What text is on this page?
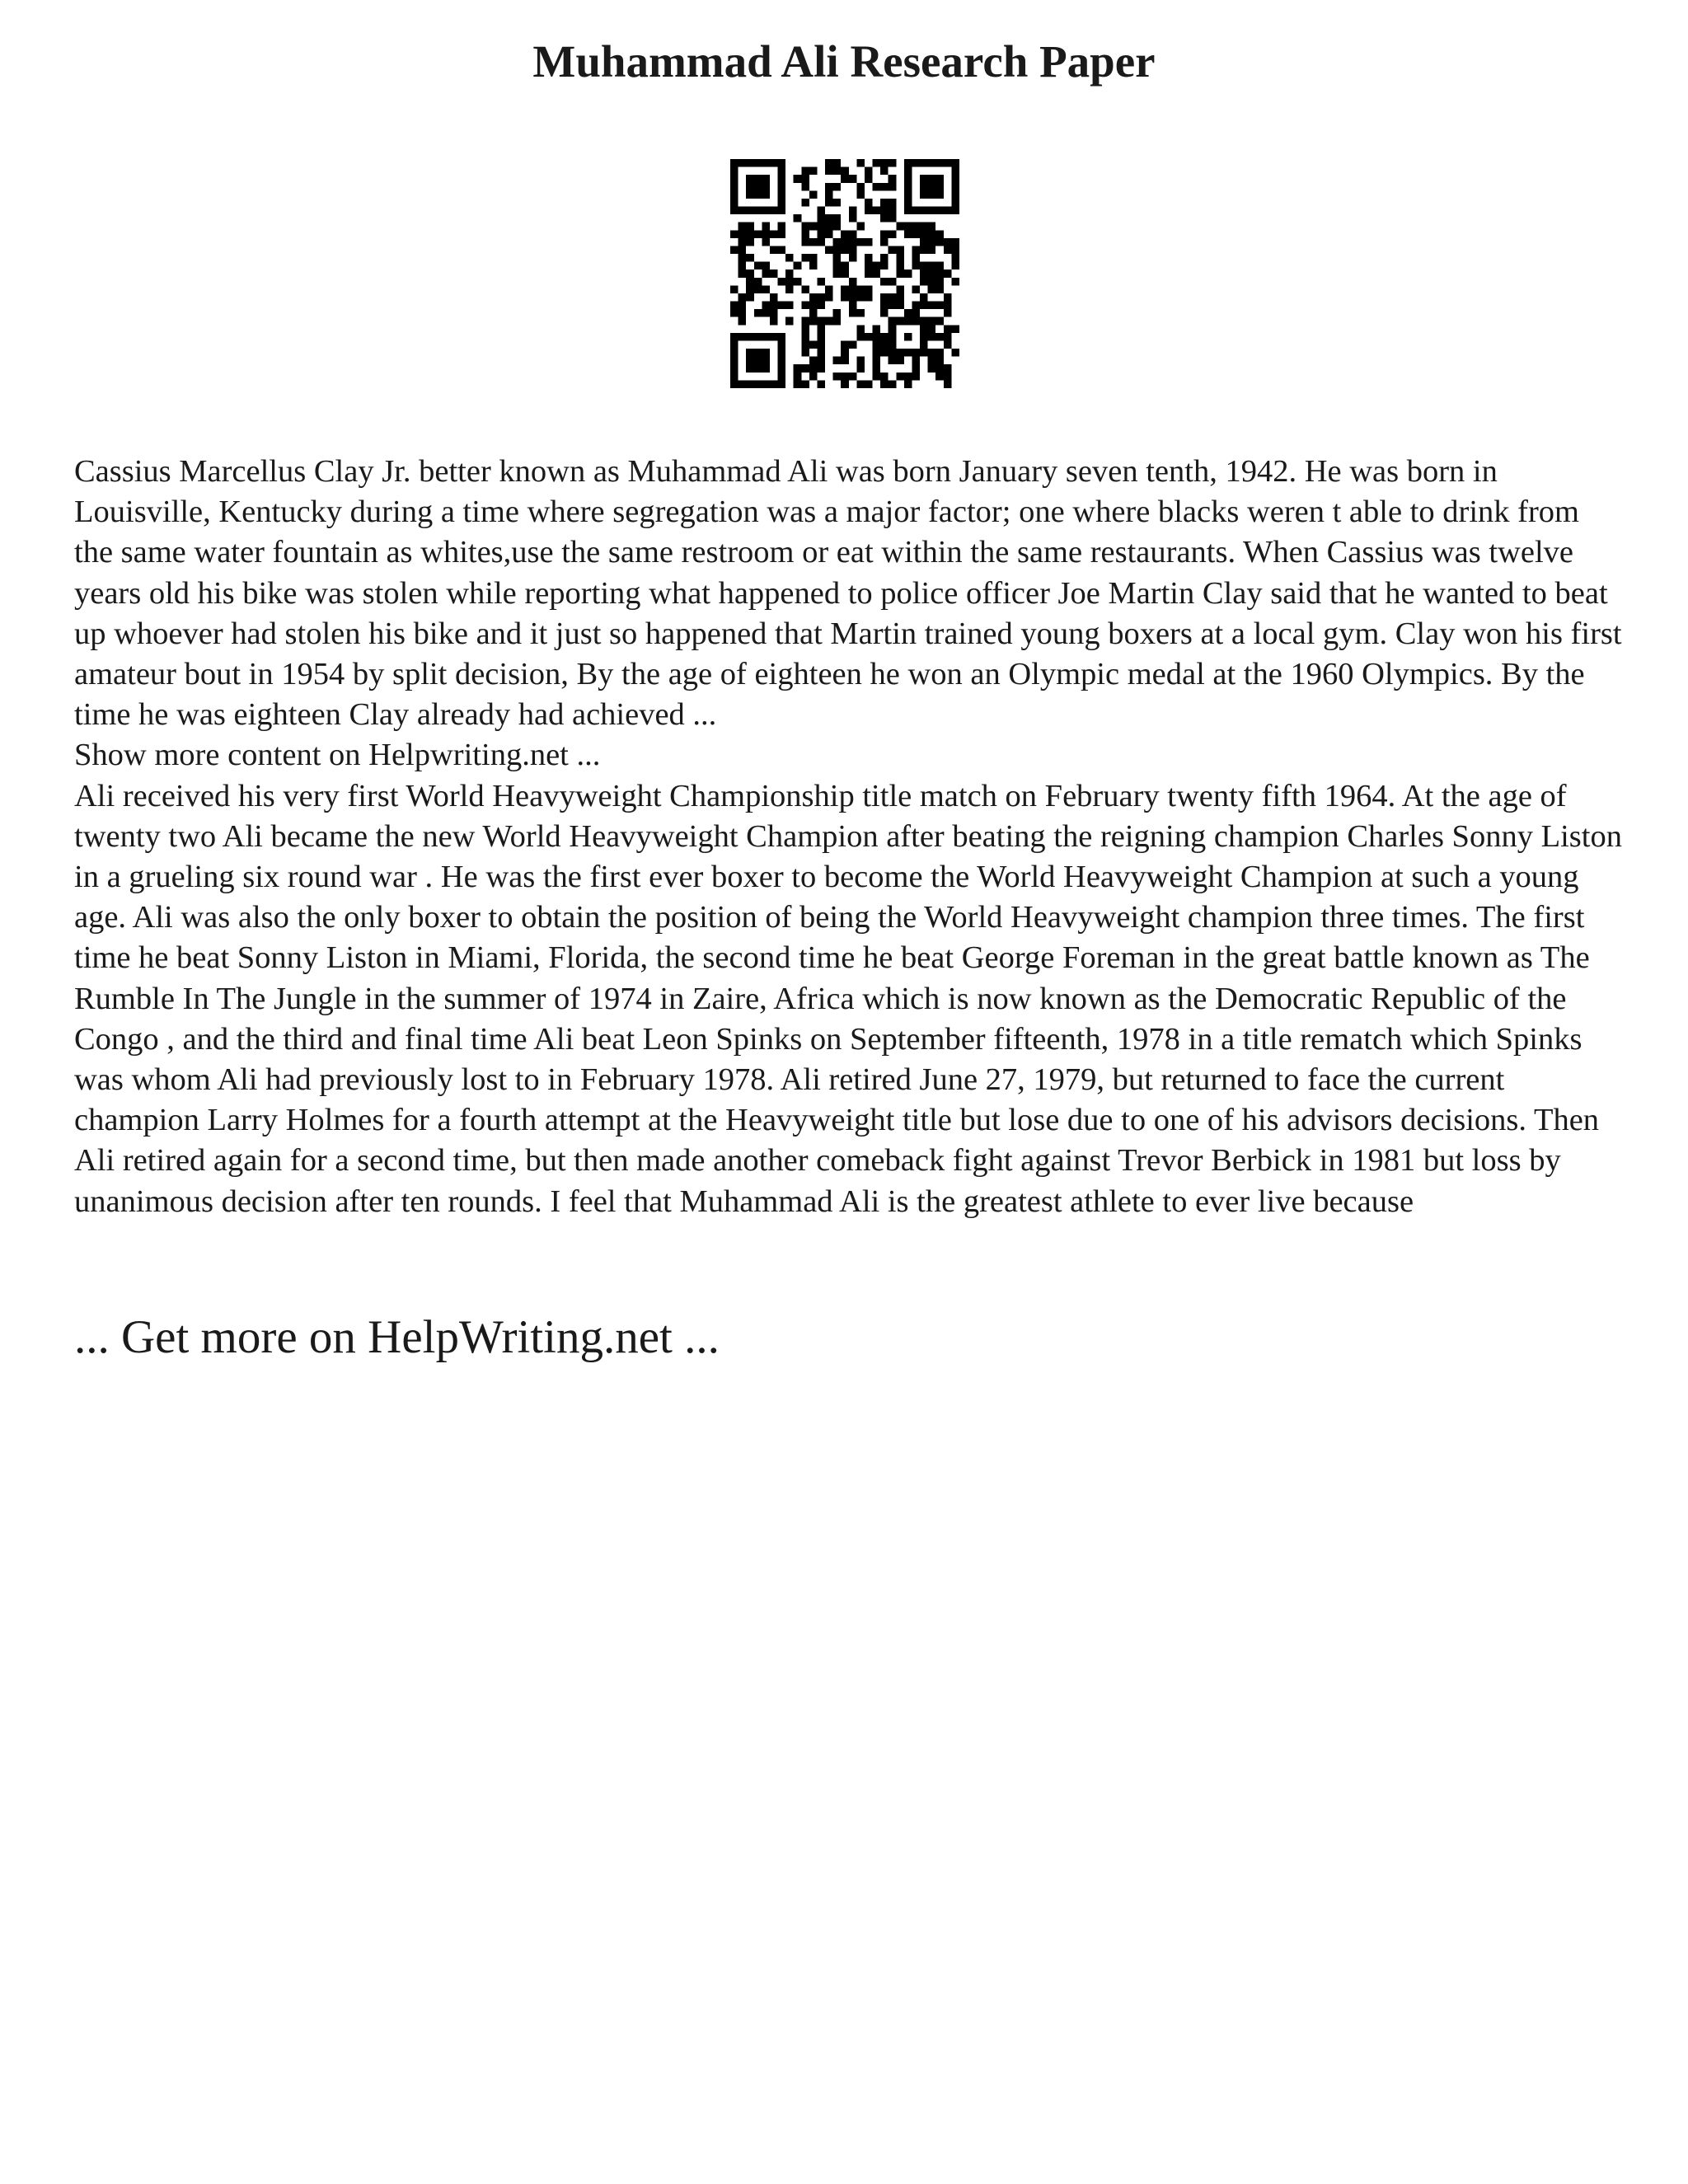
Muhammad Ali Research Paper

Cassius Marcellus Clay Jr. better known as Muhammad Ali was born January seven tenth, 1942. He was born in Louisville, Kentucky during a time where segregation was a major factor; one where blacks weren t able to drink from the same water fountain as whites,use the same restroom or eat within the same restaurants. When Cassius was twelve years old his bike was stolen while reporting what happened to police officer Joe Martin Clay said that he wanted to beat up whoever had stolen his bike and it just so happened that Martin trained young boxers at a local gym. Clay won his first amateur bout in 1954 by split decision, By the age of eighteen he won an Olympic medal at the 1960 Olympics. By the time he was eighteen Clay already had achieved ...

Show more content on Helpwriting.net ...

Ali received his very first World Heavyweight Championship title match on February twenty fifth 1964. At the age of twenty two Ali became the new World Heavyweight Champion after beating the reigning champion Charles Sonny Liston in a grueling six round war . He was the first ever boxer to become the World Heavyweight Champion at such a young age. Ali was also the only boxer to obtain the position of being the World Heavyweight champion three times. The first time he beat Sonny Liston in Miami, Florida, the second time he beat George Foreman in the great battle known as The Rumble In The Jungle in the summer of 1974 in Zaire, Africa which is now known as the Democratic Republic of the Congo , and the third and final time Ali beat Leon Spinks on September fifteenth, 1978 in a title rematch which Spinks was whom Ali had previously lost to in February 1978. Ali retired June 27, 1979, but returned to face the current champion Larry Holmes for a fourth attempt at the Heavyweight title but lose due to one of his advisors decisions. Then Ali retired again for a second time, but then made another comeback fight against Trevor Berbick in 1981 but loss by unanimous decision after ten rounds. I feel that Muhammad Ali is the greatest athlete to ever live because

... Get more on HelpWriting.net ...
